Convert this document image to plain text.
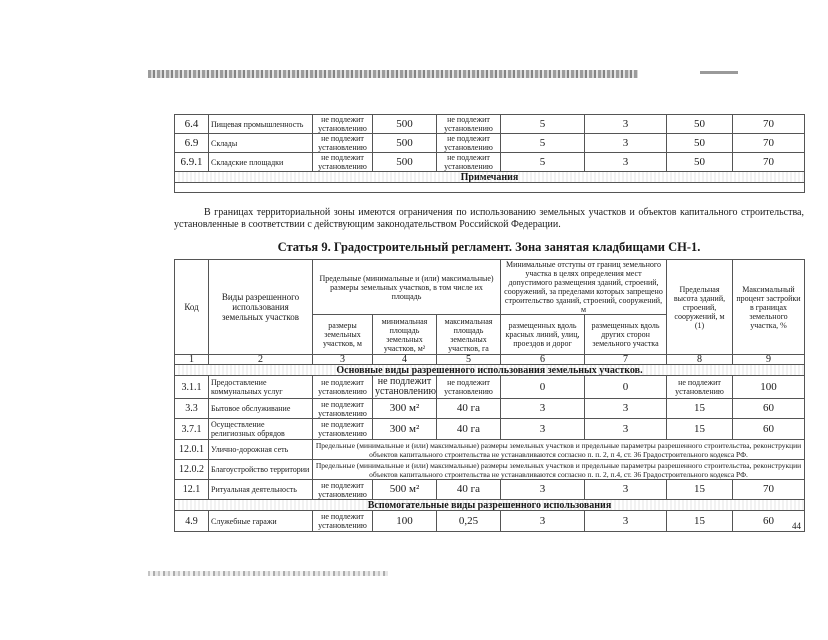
6.4	Пищевая промышленность	не подлежит установлению	500	не подлежит установлению	5	3	50	70
6.9	Склады	не подлежит установлению	500	не подлежит установлению	5	3	50	70
6.9.1	Складские площадки	не подлежит установлению	500	не подлежит установлению	5	3	50	70
Примечания								

В границах территориальной зоны имеются ограничения по использованию земельных участков и объектов капитального строительства, установленные в соответствии с действующим законодательством Российской Федерации.
Статья 9. Градостроительный регламент. Зона занятая кладбищами СН-1.
Код	Виды разрешенного использования земельных участков	Предельные (минимальные и (или) максимальные) размеры земельных участков, в том числе их площадь			Минимальные отступы от границ земельного участка в целях определения мест допустимого размещения зданий, строений, сооружений, за пределами которых запрещено строительство зданий, строений, сооружений, м		Предельная высота зданий, строений, сооружений, м (1)	Максимальный процент застройки в границах земельного участка, %
		размеры земельных участков, м	минимальная площадь земельных участков, м²	максимальная площадь земельных участков, га	размещенных вдоль красных линий, улиц, проездов и дорог	размещенных вдоль других сторон земельного участка		
1	2	3	4	5	6	7	8	9
Основные виды разрешенного использования земельных участков.								
3.1.1	Предоставление коммунальных услуг	не подлежит установлению	не подлежит установлению	не подлежит установлению	0	0	не подлежит установлению	100
3.3	Бытовое обслуживание	не подлежит установлению	300 м²	40 га	3	3	15	60
3.7.1	Осуществление религиозных обрядов	не подлежит установлению	300 м²	40 га	3	3	15	60
12.0.1	Улично-дорожная сеть	Предельные (минимальные и (или) максимальные) размеры земельных участков и предельные параметры разрешенного строительства, реконструкции объектов капитального строительства не устанавливаются согласно п. п. 2, п 4, ст. 36 Градостроительного кодекса РФ.						
12.0.2	Благоустройство территории	Предельные (минимальные и (или) максимальные) размеры земельных участков и предельные параметры разрешенного строительства, реконструкции объектов капитального строительства не устанавливаются согласно п. п. 2, п.4, ст. 36 Градостроительного кодекса РФ.						
12.1	Ритуальная деятельность	не подлежит установлению	500 м²	40 га	3	3	15	70
Вспомогательные виды разрешенного использования								
4.9	Служебные гаражи	не подлежит установлению	100	0,25	3	3	15	60 44
